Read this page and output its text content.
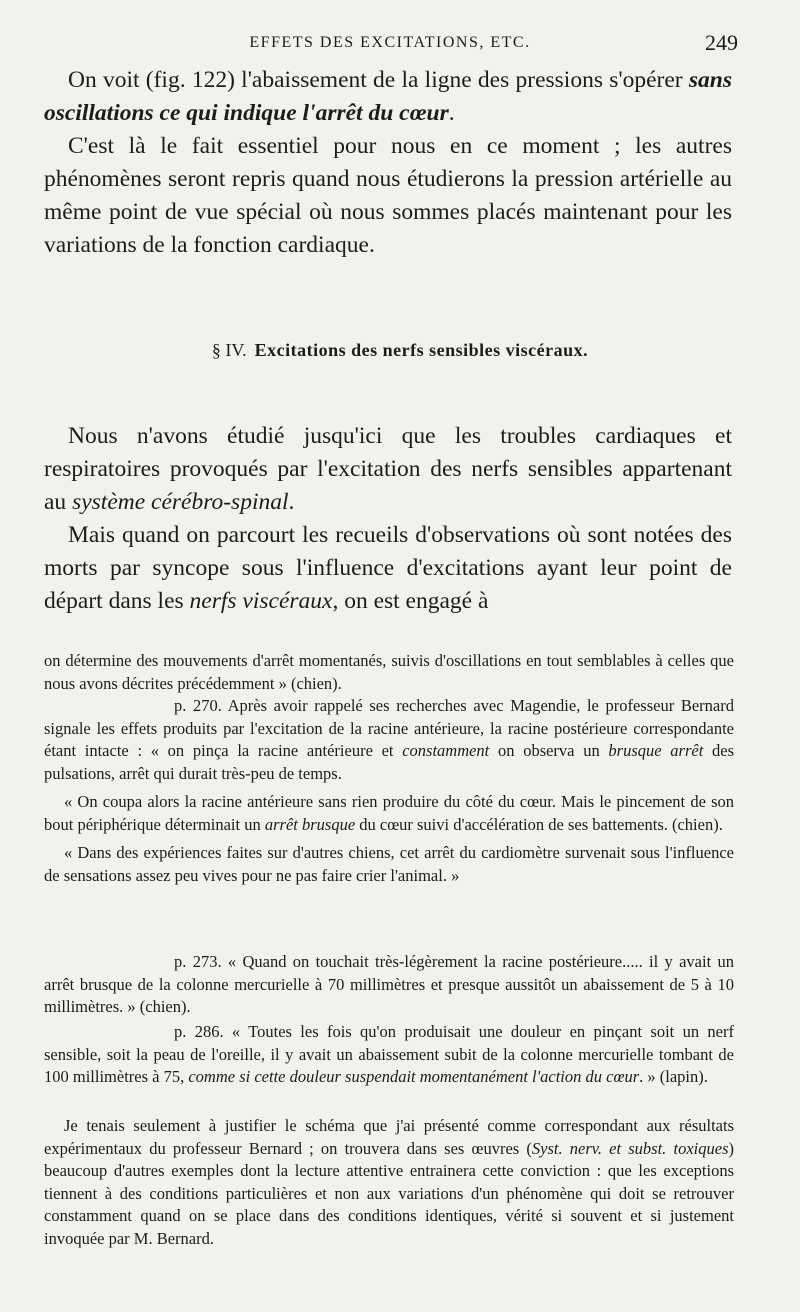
EFFETS DES EXCITATIONS, ETC.	249

On voit (fig. 122) l'abaissement de la ligne des pressions s'opérer sans oscillations ce qui indique l'arrêt du cœur.

C'est là le fait essentiel pour nous en ce moment ; les autres phénomènes seront repris quand nous étudierons la pression artérielle au même point de vue spécial où nous sommes placés maintenant pour les variations de la fonction cardiaque.

§ IV. Excitations des nerfs sensibles viscéraux.

Nous n'avons étudié jusqu'ici que les troubles cardiaques et respiratoires provoqués par l'excitation des nerfs sensibles appartenant au système cérébro-spinal.

Mais quand on parcourt les recueils d'observations où sont notées des morts par syncope sous l'influence d'excitations ayant leur point de départ dans les nerfs viscéraux, on est engagé à

on détermine des mouvements d'arrêt momentanés, suivis d'oscillations en tout semblables à celles que nous avons décrites précédemment » (chien).

p. 270. Après avoir rappelé ses recherches avec Magendie, le professeur Bernard signale les effets produits par l'excitation de la racine antérieure, la racine postérieure correspondante étant intacte : « on pinça la racine antérieure et constamment on observa un brusque arrêt des pulsations, arrêt qui durait très-peu de temps.

« On coupa alors la racine antérieure sans rien produire du côté du cœur. Mais le pincement de son bout périphérique déterminait un arrêt brusque du cœur suivi d'accélération de ses battements. (chien).

« Dans des expériences faites sur d'autres chiens, cet arrêt du cardiomètre survenait sous l'influence de sensations assez peu vives pour ne pas faire crier l'animal. »

p. 273. « Quand on touchait très-légèrement la racine postérieure..... il y avait un arrêt brusque de la colonne mercurielle à 70 millimètres et presque aussitôt un abaissement de 5 à 10 millimètres. » (chien).

p. 286. « Toutes les fois qu'on produisait une douleur en pinçant soit un nerf sensible, soit la peau de l'oreille, il y avait un abaissement subit de la colonne mercurielle tombant de 100 millimètres à 75, comme si cette douleur suspendait momentanément l'action du cœur. » (lapin).

Je tenais seulement à justifier le schéma que j'ai présenté comme correspondant aux résultats expérimentaux du professeur Bernard ; on trouvera dans ses œuvres (Syst. nerv. et subst. toxiques) beaucoup d'autres exemples dont la lecture attentive entrainera cette conviction : que les exceptions tiennent à des conditions particulières et non aux variations d'un phénomène qui doit se retrouver constamment quand on se place dans des conditions identiques, vérité si souvent et si justement invoquée par M. Bernard.
